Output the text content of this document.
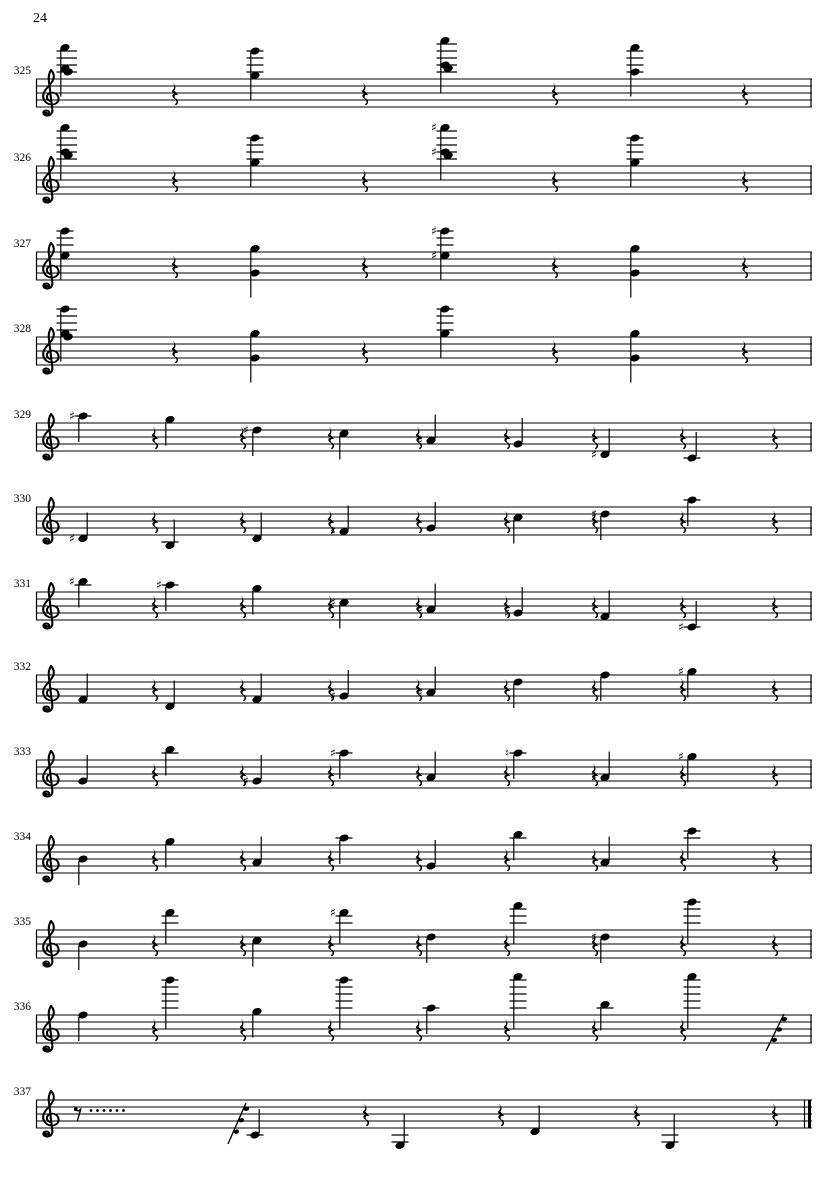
24
325
326
♯
♯
327
♯
♯
328
329	♯
♯
♯
♯
330
♯	♯
♯
331	♯	♯
♯	♯	♯
♯
332
♯	♯
♯
333
♯
♯	♮
♯
♯
334
335
♯
♯
336
337
